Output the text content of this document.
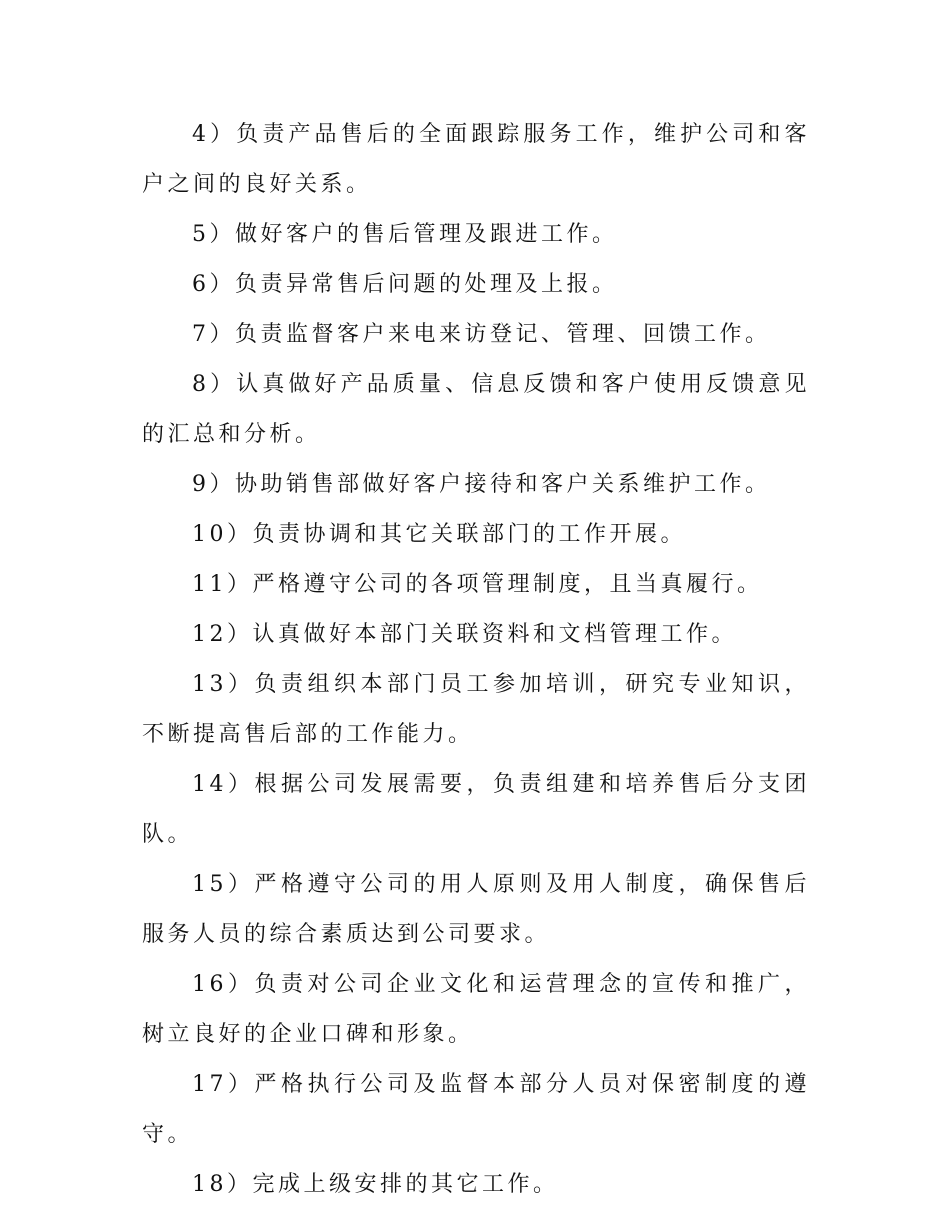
4）负责产品售后的全面跟踪服务工作，维护公司和客户之间的良好关系。

5）做好客户的售后管理及跟进工作。

6）负责异常售后问题的处理及上报。

7）负责监督客户来电来访登记、管理、回馈工作。

8）认真做好产品质量、信息反馈和客户使用反馈意见的汇总和分析。

9）协助销售部做好客户接待和客户关系维护工作。

10）负责协调和其它关联部门的工作开展。

11）严格遵守公司的各项管理制度，且当真履行。

12）认真做好本部门关联资料和文档管理工作。

13）负责组织本部门员工参加培训，研究专业知识，不断提高售后部的工作能力。

14）根据公司发展需要，负责组建和培养售后分支团队。

15）严格遵守公司的用人原则及用人制度，确保售后服务人员的综合素质达到公司要求。

16）负责对公司企业文化和运营理念的宣传和推广，树立良好的企业口碑和形象。

17）严格执行公司及监督本部分人员对保密制度的遵守。

18）完成上级安排的其它工作。
